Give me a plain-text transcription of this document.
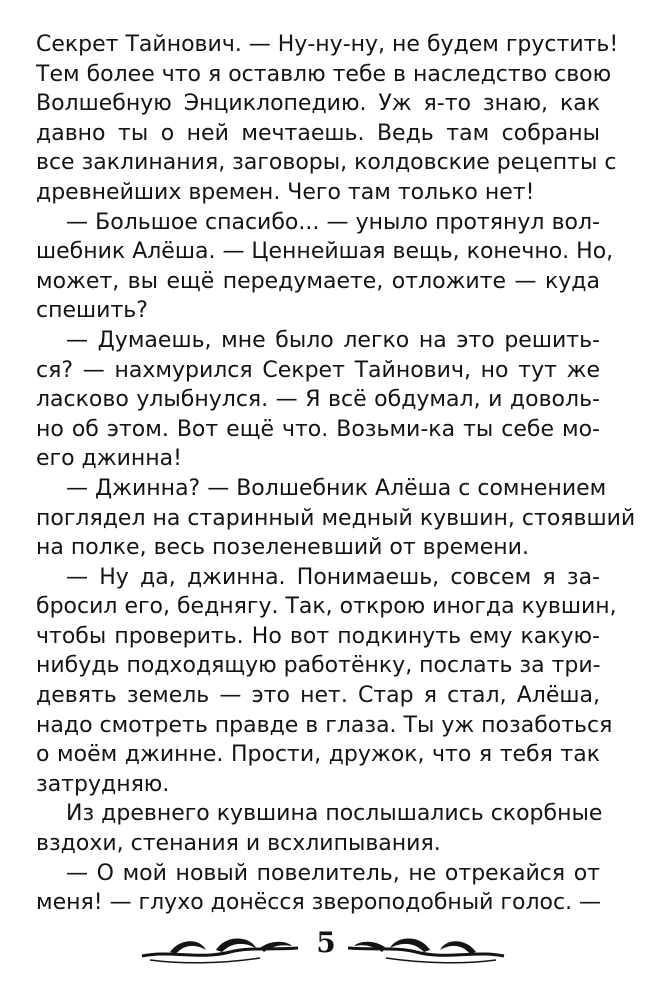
Секрет Тайнович. — Ну-ну-ну, не будем грустить!
Тем более что я оставлю тебе в наследство свою
Волшебную Энциклопедию. Уж я-то знаю, как
давно ты о ней мечтаешь. Ведь там собраны
все заклинания, заговоры, колдовские рецепты с
древнейших времен. Чего там только нет!
— Большое спасибо... — уныло протянул вол-
шебник Алёша. — Ценнейшая вещь, конечно. Но,
может, вы ещё передумаете, отложите — куда
спешить?
— Думаешь, мне было легко на это решить-
ся? — нахмурился Секрет Тайнович, но тут же
ласково улыбнулся. — Я всё обдумал, и доволь-
но об этом. Вот ещё что. Возьми-ка ты себе мо-
его джинна!
— Джинна? — Волшебник Алёша с сомнением
поглядел на старинный медный кувшин, стоявший
на полке, весь позеленевший от времени.
— Ну да, джинна. Понимаешь, совсем я за-
бросил его, беднягу. Так, открою иногда кувшин,
чтобы проверить. Но вот подкинуть ему какую-
нибудь подходящую работёнку, послать за три-
девять земель — это нет. Стар я стал, Алёша,
надо смотреть правде в глаза. Ты уж позаботься
о моём джинне. Прости, дружок, что я тебя так
затрудняю.
Из древнего кувшина послышались скорбные
вздохи, стенания и всхлипывания.
— О мой новый повелитель, не отрекайся от
меня! — глухо донёсся звероподобный голос. —
5
